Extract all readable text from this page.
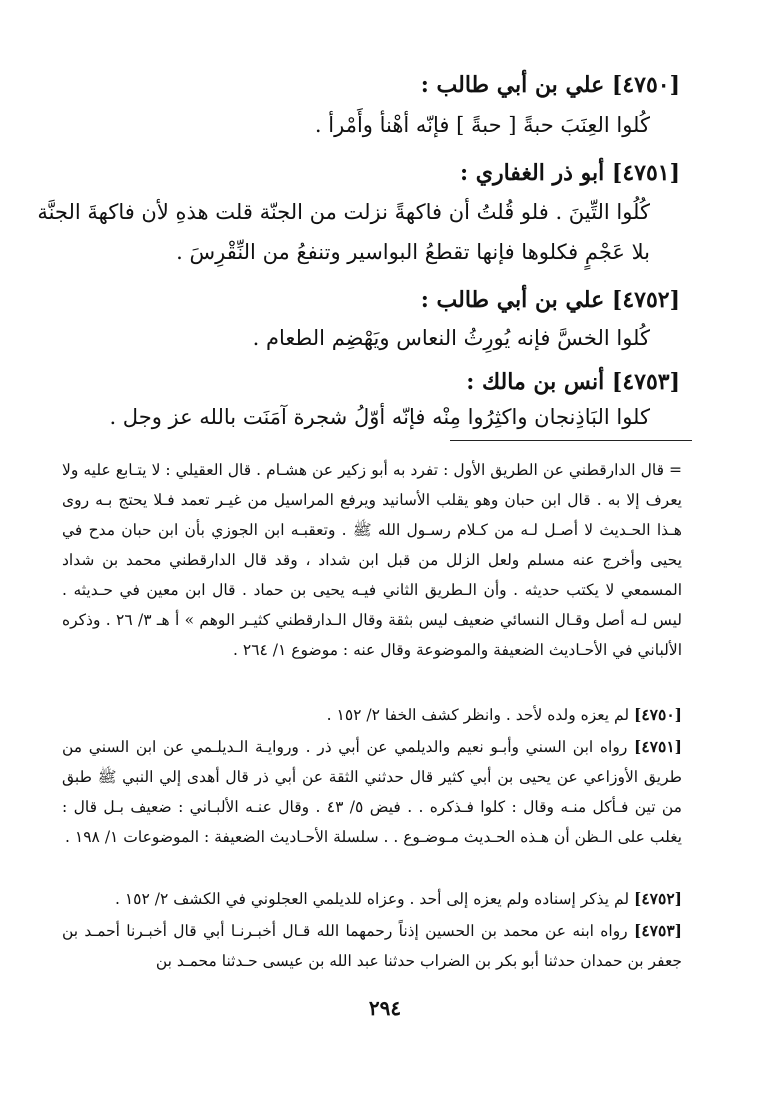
[٤٧٥٠] علي بن أبي طالب :
كُلوا العِنَبَ حبةً [ حبةً ] فإنّه أهْنأ وأَمْرأ .
[٤٧٥١] أبو ذر الغفاري :
كُلُوا التِّينَ . فلو قُلتُ أن فاكهةً نزلت من الجنّة قلت هذهِ لأن فاكهةَ الجنَّة
بلا عَجْمٍ فكلوها فإنها تقطعُ البواسير وتنفعُ من النِّقْرِسَ .
[٤٧٥٢] علي بن أبي طالب :
كُلوا الخسَّ فإنه يُورِثُ النعاس ويَهْضِم الطعام .
[٤٧٥٣] أنس بن مالك :
كلوا البَاذِنجان واكثِرُوا مِنْه فإنّه أوّلُ شجرة آمَنَت بالله عز وجل .
= قال الدارقطني عن الطريق الأول : تفرد به أبو زكير عن هشـام . قال العقيلي : لا يتـابع عليه ولا يعرف إلا به . قال ابن حبان وهو يقلب الأسانيد ويرفع المراسيل من غيـر تعمد فـلا يحتج بـه روى هـذا الحـديث لا أصـل لـه من كـلام رسـول الله ﷺ . وتعقبـه ابن الجوزي بأن ابن حبان مدح في يحيى وأخرج عنه مسلم ولعل الزلل من قبل ابن شداد ، وقد قال الدارقطني محمد بن شداد المسمعي لا يكتب حديثه . وأن الـطريق الثاني فيـه يحيى بن حماد . قال ابن معين في حـديثه . ليس لـه أصل وقـال النسائي ضعيف ليس بثقة وقال الـدارقطني كثيـر الوهم » أ هـ ٣/ ٢٦ . وذكره الألباني في الأحـاديث الضعيفة والموضوعة وقال عنه : موضوع ١/ ٢٦٤ .
[٤٧٥٠] لم يعزه ولده لأحد . وانظر كشف الخفا ٢/ ١٥٢ .
[٤٧٥١] رواه ابن السني وأبـو نعيم والديلمي عن أبي ذر . وروايـة الـديلـمي عن ابن السني من طريق الأوزاعي عن يحيى بن أبي كثير قال حدثني الثقة عن أبي ذر قال أهدى إلي النبي ﷺ طبق من تين فـأكل منـه وقال : كلوا فـذكره . . فيض ٥/ ٤٣ . وقال عنـه الألبـاني : ضعيف بـل قال : يغلب على الـظن أن هـذه الحـديث مـوضـوع . . سلسلة الأحـاديث الضعيفة : الموضوعات ١/ ١٩٨ .
[٤٧٥٢] لم يذكر إسناده ولم يعزه إلى أحد . وعزاه للديلمي العجلوني في الكشف ٢/ ١٥٢ .
[٤٧٥٣] رواه ابنه عن محمد بن الحسين إذناً رحمهما الله قـال أخبـرنـا أبي قال أخبـرنا أحمـد بن جعفر بن حمدان حدثنا أبو بكر بن الضراب حدثنا عبد الله بن عيسى حـدثنا محمـد بن
٢٩٤
